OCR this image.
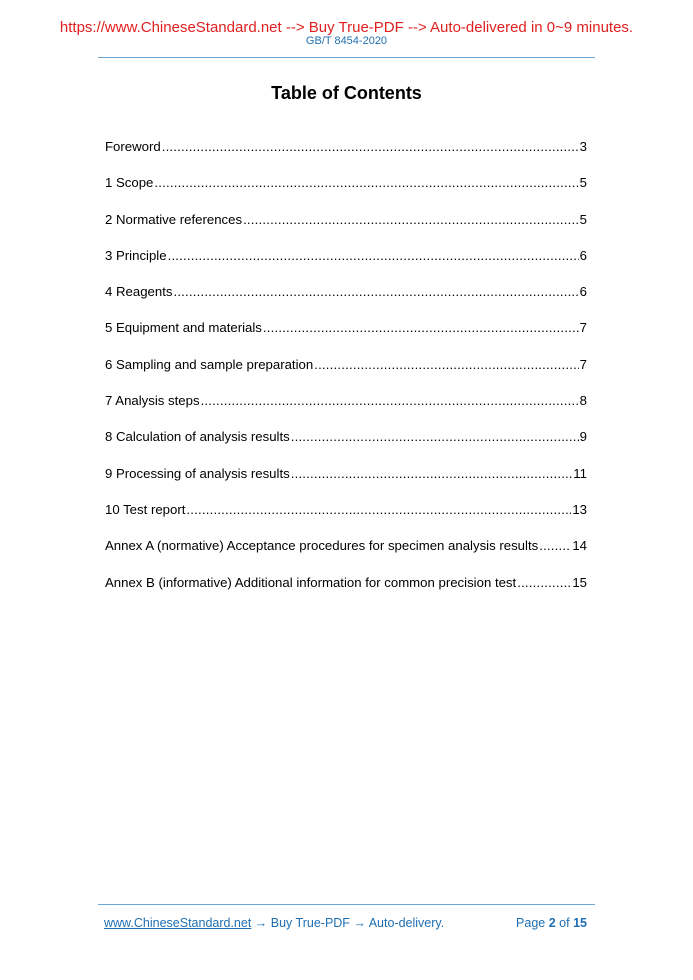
https://www.ChineseStandard.net --> Buy True-PDF --> Auto-delivered in 0~9 minutes.
GB/T 8454-2020
Table of Contents
Foreword .....	3
1 Scope .....	5
2 Normative references .....	5
3 Principle .....	6
4 Reagents .....	6
5 Equipment and materials .....	7
6 Sampling and sample preparation .....	7
7 Analysis steps .....	8
8 Calculation of analysis results .....	9
9 Processing of analysis results .....	11
10 Test report .....	13
Annex A (normative) Acceptance procedures for specimen analysis results .....	14
Annex B (informative) Additional information for common precision test .....	15
www.ChineseStandard.net → Buy True-PDF → Auto-delivery.	Page 2 of 15
